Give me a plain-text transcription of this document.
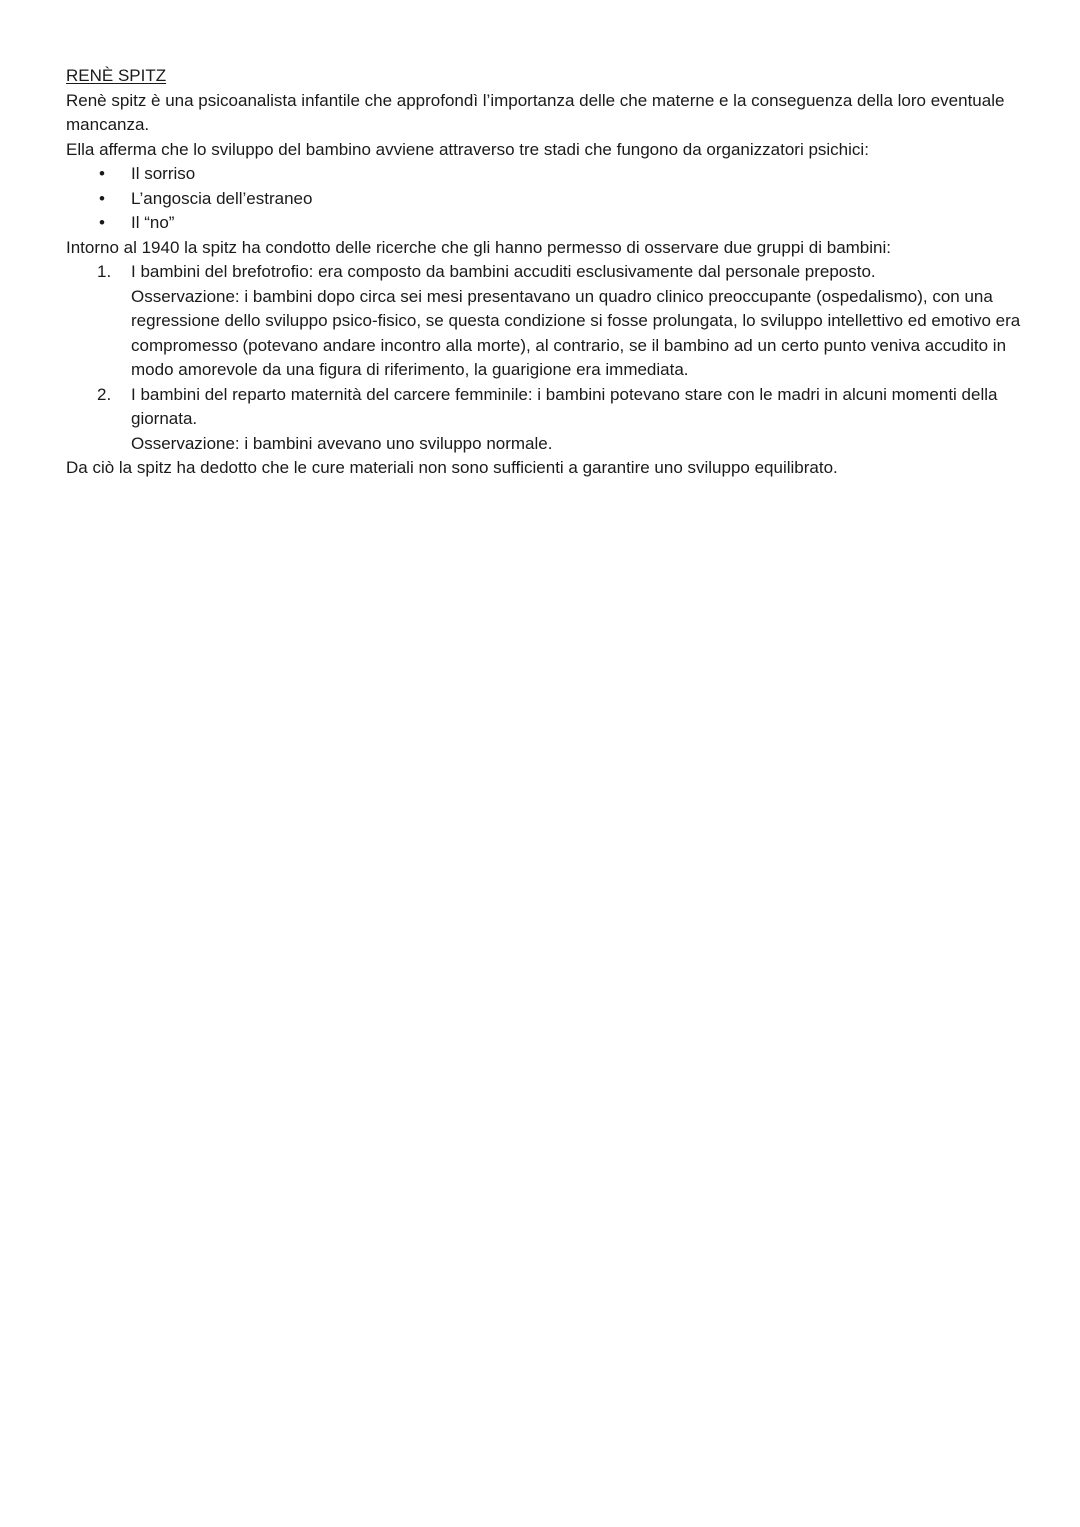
RENÈ SPITZ

Renè spitz è una psicoanalista infantile che approfondì l’importanza delle che materne e la conseguenza della loro eventuale mancanza.

Ella afferma che lo sviluppo del bambino avviene attraverso tre stadi che fungono da organizzatori psichici:

• Il sorriso
• L’angoscia dell’estraneo
• Il “no”

Intorno al 1940 la spitz ha condotto delle ricerche che gli hanno permesso di osservare due gruppi di bambini:

1. I bambini del brefotrofio: era composto da bambini accuditi esclusivamente dal personale preposto.

Osservazione: i bambini dopo circa sei mesi presentavano un quadro clinico preoccupante (ospedalismo), con una regressione dello sviluppo psico-fisico, se questa condizione si fosse prolungata, lo sviluppo intellettivo ed emotivo era compromesso (potevano andare incontro alla morte), al contrario, se il bambino ad un certo punto veniva accudito in modo amorevole da una figura di riferimento, la guarigione era immediata.

2. I bambini del reparto maternità del carcere femminile: i bambini potevano stare con le madri in alcuni momenti della giornata.

Osservazione: i bambini avevano uno sviluppo normale.

Da ciò la spitz ha dedotto che le cure materiali non sono sufficienti a garantire uno sviluppo equilibrato.
